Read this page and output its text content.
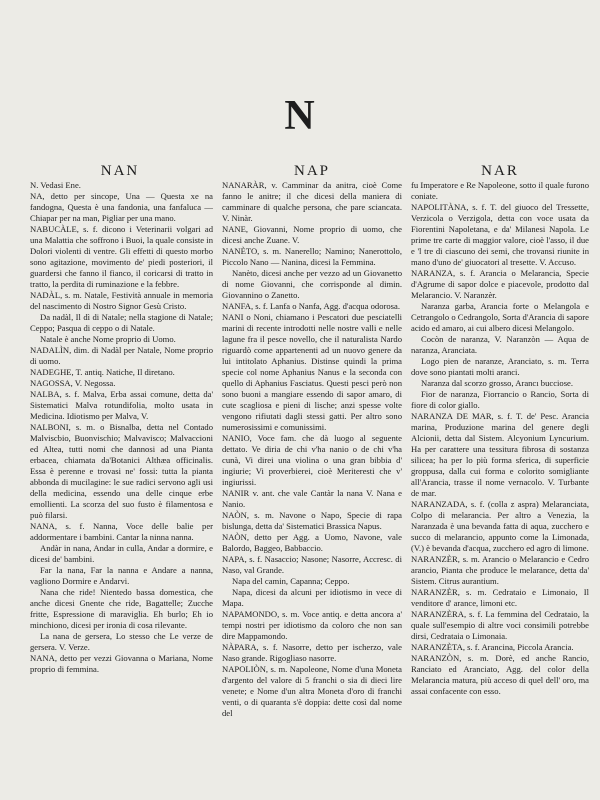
N
NAN	NAP	NAR

N. Vedasi Ene.

NA, detto per sincope, Una — Questa xe na fandogna, Questa è una fandonia, una fanfaluca — Chiapar per na man, Pigliar per una mano.

NABUCÀLE, s. f. dicono i Veterinarii volgari ad una Malattia che soffrono i Buoi, la quale consiste in Dolori violenti di ventre. Gli effetti di questo morbo sono agitazione, movimento de' piedi posteriori, il guardersi che fanno il fianco, il coricarsi di tratto in tratto, la perdita di ruminazione e la febbre.

NADÀL, s. m. Natale, Festività annuale in memoria del nascimento di Nostro Signor Gesù Cristo.

Da nadàl, Il dì di Natale; nella stagione di Natale; Ceppo; Pasqua di ceppo o di Natale.

Natale è anche Nome proprio di Uomo.

NADALÌN, dim. di Nadàl per Natale, Nome proprio di uomo.

NADEGHE, T. antiq. Natiche, Il diretano.

NAGOSSA, V. Negossa.

NALBA, s. f. Malva, Erba assai comune, detta da' Sistematici Malva rotundifolia, molto usata in Medicina. Idiotismo per Malva, V.

NALBONI, s. m. o Bisnalba, detta nel Contado Malviscbio, Buonvischio; Malvavisco; Malvaccioni ed Altea, tutti nomi che dannosi ad una Pianta erbacea, chiamata da'Botanici Althæa officinalis. Essa è perenne e trovasi ne' fossi: tutta la pianta abbonda di mucilagine: le sue radici servono agli usi della medicina, essendo una delle cinque erbe emollienti. La scorza del suo fusto è filamentosa e può filarsi.

NANA, s. f. Nanna, Voce delle balie per addormentare i bambini. Cantar la ninna nanna.

Andàr in nana, Andar in culla, Andar a dormire, e dicesi de' bambini.

Far la nana, Far la nanna e Andare a nanna, vagliono Dormire e Andarvi.

Nana che ride! Nientedo bassa domestica, che anche dicesi Gnente che ride, Bagattelle; Zucche fritte, Espressione di maraviglia. Eh burlo; Eh io minchiono, dicesi per ironia di cosa rilevante.

La nana de gersera, Lo stesso che Le verze de gersera. V. Verze.

NANA, detto per vezzi Giovanna o Mariana, Nome proprio di femmina.

NANARÀR, v. Camminar da anitra, cioè Come fanno le anitre; il che dicesi della maniera di camminare di qualche persona, che pare sciancata. V. Ninàr.

NANE, Giovanni, Nome proprio di uomo, che dicesi anche Zuane. V.

NANÈTO, s. m. Nanerello; Namino; Nanerottolo, Piccolo Nano — Nanina, dicesi la Femmina.

Nanèto, dicesi anche per vezzo ad un Giovanetto di nome Giovanni, che corrisponde al dimin. Giovannino o Zanetto.

NANFA, s. f. Lanfa o Nanfa, Agg. d'acqua odorosa.

NANI o Noni, chiamano i Pescatori due pesciatelli marini di recente introdotti nelle nostre valli e nelle lagune fra il pesce novello, che il naturalista Nardo riguardò come appartenenti ad un nuovo genere da lui intitolato Aphanius. Distinse quindi la prima specie col nome Aphanius Nanus e la seconda con quello di Aphanius Fasciatus. Questi pesci però non sono buoni a mangiare essendo di sapor amaro, di cute scagliosa e pieni di lische; anzi spesse volte vengono rifiutati dagli stessi gatti. Per altro sono numerosissimi e comunissimi.

NANIO, Voce fam. che dà luogo al seguente dettato. Ve diria de chi v'ha nanio o de chi v'ha cunà, Vi direi una violina o una gran bibbia d' ingiurie; Vi proverbierei, cioè Meriteresti che v' ingiurissi.

NANIR v. ant. che vale Cantàr la nana V. Nana e Nanio.

NAÒN, s. m. Navone o Napo, Specie di rapa bislunga, detta da' Sistematici Brassica Napus.

NAÒN, detto per Agg. a Uomo, Navone, vale Balordo, Baggeo, Babbaccio.

NAPA, s. f. Nasaccio; Nasone; Nasorre, Accresc. di Naso, val Grande.

Napa del camin, Capanna; Ceppo.

Napa, dicesi da alcuni per idiotismo in vece di Mapa.

NAPAMONDO, s. m. Voce antiq. e detta ancora a' tempi nostri per idiotismo da coloro che non san dire Mappamondo.

NÀPARA, s. f. Nasorre, detto per ischerzo, vale Naso grande. Rigogliaso nasorre.

NAPOLIÒN, s. m. Napoleone, Nome d'una Moneta d'argento del valore di 5 franchi o sia di dieci lire venete; e Nome d'un altra Moneta d'oro di franchi venti, o di quaranta s'è doppia: dette così dal nome del

fu Imperatore e Re Napoleone, sotto il quale furono coniate.

NAPOLITÀNA, s. f. T. del giuoco del Tressette, Verzicola o Verzigola, detta con voce usata da Fiorentini Napoletana, e da' Milanesi Napola. Le prime tre carte di maggior valore, cioè l'asso, il due e 'l tre di ciascuno dei semi, che trovansi riunite in mano d'uno de' giuocatori al tresette. V. Accuso.

NARANZA, s. f. Arancia o Melarancia, Specie d'Agrume di sapor dolce e piacevole, prodotto dal Melarancio. V. Naranzèr.

Naranza garba, Arancia forte o Melangola e Cetrangolo o Cedrangolo, Sorta d'Arancia di sapore acido ed amaro, ai cui albero dicesi Melangolo.

Cocòn de naranza, V. Naranzòn — Aqua de naranza, Aranciata.

Logo pien de naranze, Aranciato, s. m. Terra dove sono piantati molti aranci.

Naranza dal scorzo grosso, Arancı bucciose.

Fior de naranza, Fiorrancio o Rancio, Sorta di fiore di color giallo.

NARANZA DE MAR, s. f. T. de' Pesc. Arancia marina, Produzione marina del genere degli Alcionii, detta dal Sistem. Alcyonium Lyncurium. Ha per carattere una tessitura fibrosa di sostanza silicea; ha per lo più forma sferica, di superficie groppusa, dalla cui forma e colorito somigliante all'Arancia, trasse il nome vernacolo. V. Turbante de mar.

NARANZADA, s. f. (colla z aspra) Melaranciata, Colpo di melarancia. Per altro a Venezia, la Naranzada è una bevanda fatta di aqua, zucchero e succo di melarancio, appunto come la Limonada, (V.) è bevanda d'acqua, zucchero ed agro di limone.

NARANZÈR, s. m. Arancio o Melarancio e Cedro arancio, Pianta che produce le melarance, detta da' Sistem. Citrus aurantium.

NARANZÈR, s. m. Cedrataio e Limonaio, Il venditore d' arance, limoni etc.

NARANZÈRA, s. f. La femmina del Cedrataio, la quale sull'esempio di altre voci consimili potrebbe dirsi, Cedrataia o Limonaia.

NARANZÈTA, s. f. Arancina, Piccola Arancia.

NARANZÒN, s. m. Dorè, ed anche Rancio, Ranciato ed Aranciato, Agg. del color della Melarancia matura, più acceso di quel dell' oro, ma assai confacente con esso.
